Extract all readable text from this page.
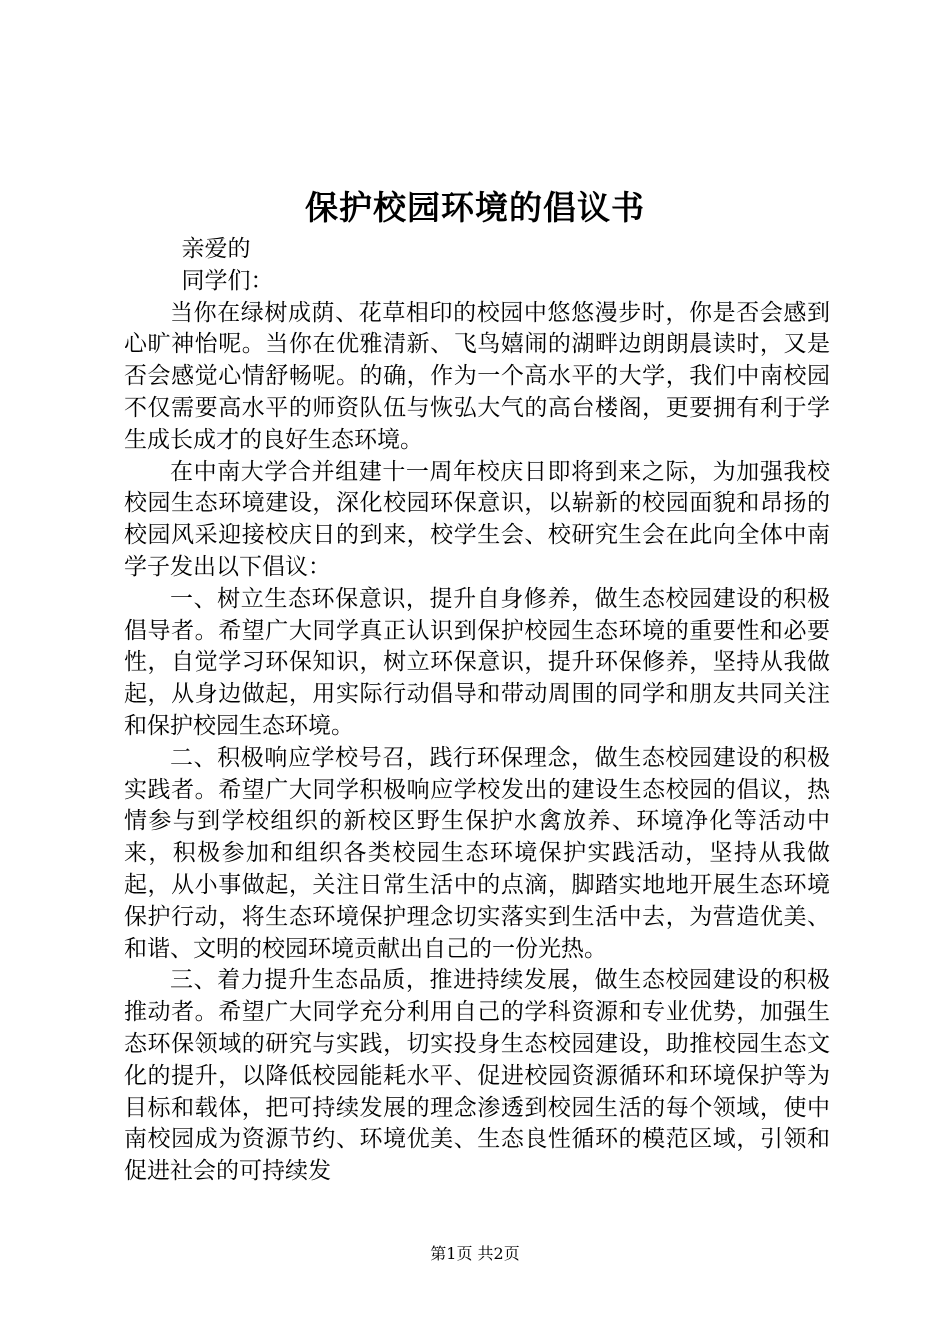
保护校园环境的倡议书

亲爱的

同学们：

当你在绿树成荫、花草相印的校园中悠悠漫步时，你是否会感到心旷神怡呢。当你在优雅清新、飞鸟嬉闹的湖畔边朗朗晨读时，又是否会感觉心情舒畅呢。的确，作为一个高水平的大学，我们中南校园不仅需要高水平的师资队伍与恢弘大气的高台楼阁，更要拥有利于学生成长成才的良好生态环境。

在中南大学合并组建十一周年校庆日即将到来之际，为加强我校校园生态环境建设，深化校园环保意识，以崭新的校园面貌和昂扬的校园风采迎接校庆日的到来，校学生会、校研究生会在此向全体中南学子发出以下倡议：

一、树立生态环保意识，提升自身修养，做生态校园建设的积极倡导者。希望广大同学真正认识到保护校园生态环境的重要性和必要性，自觉学习环保知识，树立环保意识，提升环保修养，坚持从我做起，从身边做起，用实际行动倡导和带动周围的同学和朋友共同关注和保护校园生态环境。

二、积极响应学校号召，践行环保理念，做生态校园建设的积极实践者。希望广大同学积极响应学校发出的建设生态校园的倡议，热情参与到学校组织的新校区野生保护水禽放养、环境净化等活动中来，积极参加和组织各类校园生态环境保护实践活动，坚持从我做起，从小事做起，关注日常生活中的点滴，脚踏实地地开展生态环境保护行动，将生态环境保护理念切实落实到生活中去，为营造优美、和谐、文明的校园环境贡献出自己的一份光热。

三、着力提升生态品质，推进持续发展，做生态校园建设的积极推动者。希望广大同学充分利用自己的学科资源和专业优势，加强生态环保领域的研究与实践，切实投身生态校园建设，助推校园生态文化的提升，以降低校园能耗水平、促进校园资源循环和环境保护等为目标和载体，把可持续发展的理念渗透到校园生活的每个领域，使中南校园成为资源节约、环境优美、生态良性循环的模范区域，引领和促进社会的可持续发

第1页 共2页
